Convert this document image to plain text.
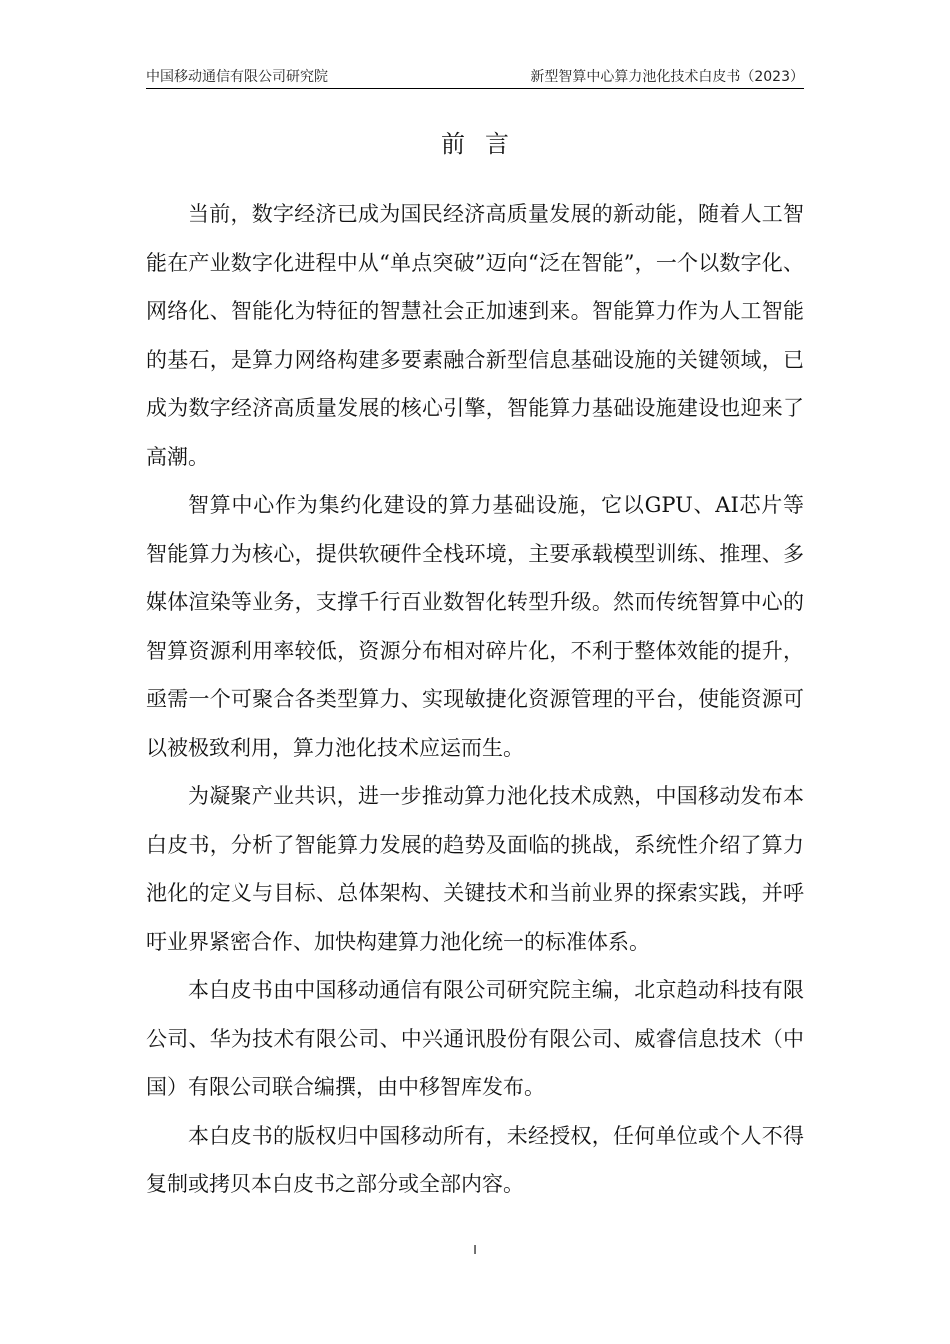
中国移动通信有限公司研究院	新型智算中心算力池化技术白皮书（2023）
前言

当前，数字经济已成为国民经济高质量发展的新动能，随着人工智能在产业数字化进程中从“单点突破”迈向“泛在智能”，一个以数字化、网络化、智能化为特征的智慧社会正加速到来。智能算力作为人工智能的基石，是算力网络构建多要素融合新型信息基础设施的关键领域，已成为数字经济高质量发展的核心引擎，智能算力基础设施建设也迎来了高潮。

智算中心作为集约化建设的算力基础设施，它以GPU、AI芯片等智能算力为核心，提供软硬件全栈环境，主要承载模型训练、推理、多媒体渲染等业务，支撑千行百业数智化转型升级。然而传统智算中心的智算资源利用率较低，资源分布相对碎片化，不利于整体效能的提升，亟需一个可聚合各类型算力、实现敏捷化资源管理的平台，使能资源可以被极致利用，算力池化技术应运而生。

为凝聚产业共识，进一步推动算力池化技术成熟，中国移动发布本白皮书，分析了智能算力发展的趋势及面临的挑战，系统性介绍了算力池化的定义与目标、总体架构、关键技术和当前业界的探索实践，并呼吁业界紧密合作、加快构建算力池化统一的标准体系。

本白皮书由中国移动通信有限公司研究院主编，北京趋动科技有限公司、华为技术有限公司、中兴通讯股份有限公司、威睿信息技术（中国）有限公司联合编撰，由中移智库发布。

本白皮书的版权归中国移动所有，未经授权，任何单位或个人不得复制或拷贝本白皮书之部分或全部内容。

I
